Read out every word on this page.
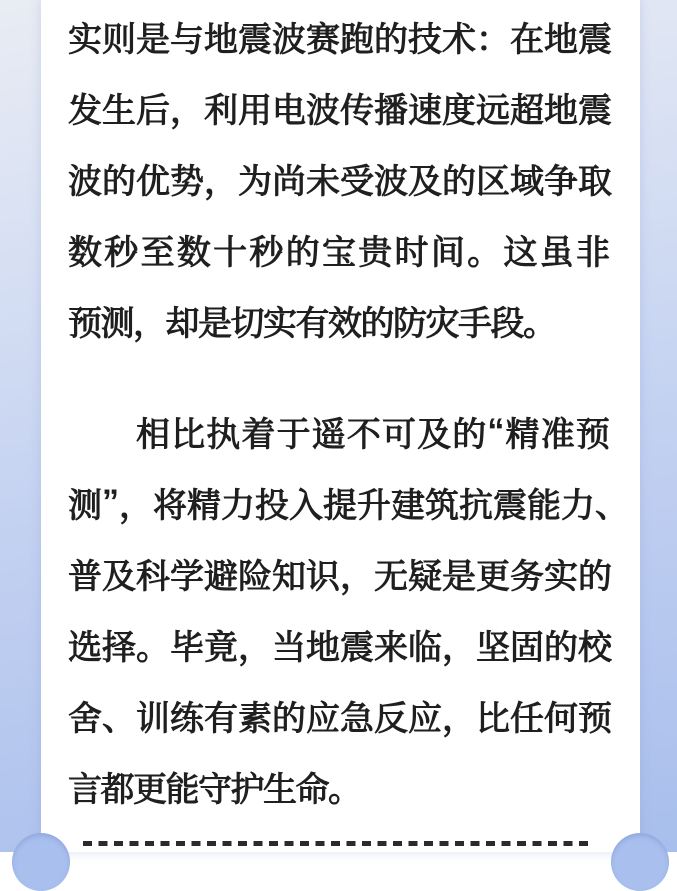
实 则 是 与 地 震 波 赛 跑 的 技 术 ： 在 地 震
发 生 后 ， 利 用 电 波 传 播 速 度 远 超 地 震
波 的 优 势 ， 为 尚 未 受 波 及 的 区 域 争 取
数 秒 至 数 十 秒 的 宝 贵 时 间 。 这 虽 非
预
测
，
却
是
切
实
有
效
的
防
灾
手
段
。
相 比 执 着 于 遥 不 可 及 的 “ 精 准 预
测 ” ， 将 精 力 投 入 提 升 建 筑 抗 震 能 力 、
普 及 科 学 避 险 知 识 ， 无 疑 是 更 务 实 的
选 择 。 毕 竟 ， 当 地 震 来 临 ， 坚 固 的 校
舍 、 训 练 有 素 的 应 急 反 应 ， 比 任 何 预
言
都
更
能
守
护
生
命
。
